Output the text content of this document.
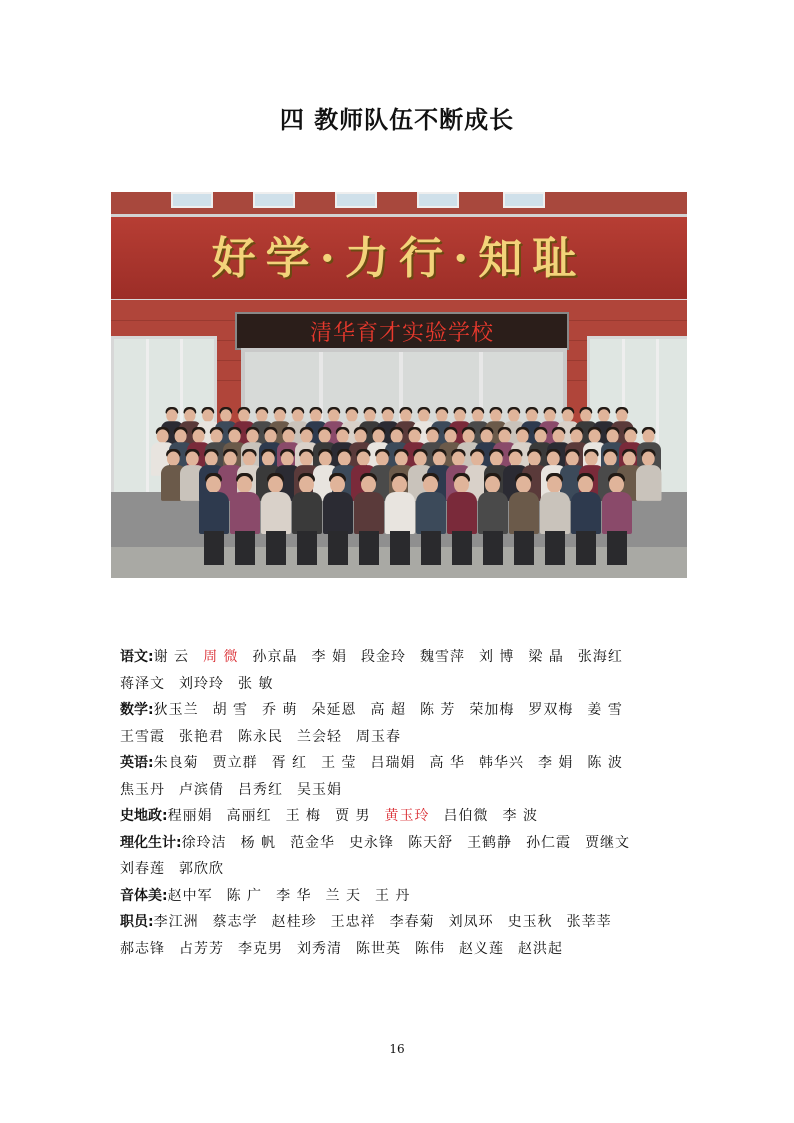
四 教师队伍不断成长
好学·力行·知耻
清华育才实验学校
语文:谢 云 周 微 孙京晶 李 娟 段金玲 魏雪萍 刘 博 梁 晶 张海红蒋泽文 刘玲玲 张 敏
数学:狄玉兰 胡 雪 乔 萌 朵延恩 高 超 陈 芳 荣加梅 罗双梅 姜 雪王雪霞 张艳君 陈永民 兰会轻 周玉春
英语:朱良菊 贾立群 胥 红 王 莹 吕瑞娟 高 华 韩华兴 李 娟 陈 波焦玉丹 卢滨倩 吕秀红 吴玉娟
史地政:程丽娟 高丽红 王 梅 贾 男 黄玉玲 吕伯微 李 波
理化生计:徐玲洁 杨 帆 范金华 史永锋 陈天舒 王鹤静 孙仁霞 贾继文刘春莲 郭欣欣
音体美:赵中军 陈 广 李 华 兰 天 王 丹
职员:李江洲 蔡志学 赵桂珍 王忠祥 李春菊 刘凤环 史玉秋 张莘莘郝志锋 占芳芳 李克男 刘秀清 陈世英 陈伟 赵义莲 赵洪起
16
